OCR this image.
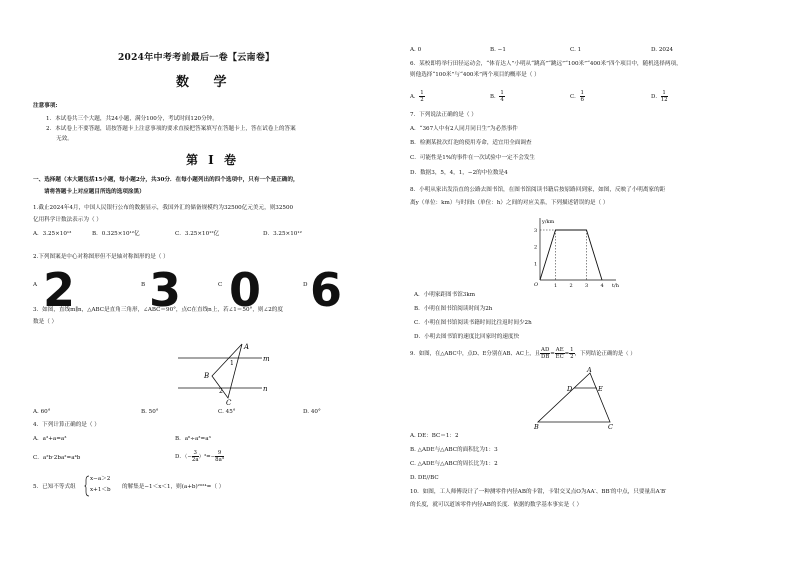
2024年中考考前最后一卷【云南卷】
数 学
注意事项:
1．本试卷共三个大题，共24小题，满分100分，考试时间120分钟。
2．本试卷上不要答题，请按答题卡上注意事项的要求直接把答案填写在答题卡上，答在试卷上的答案
无效。
第 I 卷
一、选择题（本大题包括15小题，每小题2分，共30分．在每小题列出的四个选项中，只有一个是正确的，
请将答题卡上对应题目所选的选项涂黑）
1.截止2024年4月，中国人民银行公布的数据显示，我国外汇的储备规模约为32500亿元美元，则32500
亿用科学计数法表示为（ ）
A．3.25×10¹³	B．0.325×10¹²亿	C．3.25×10¹²亿	D．3.25×10¹²
2.下列图案是中心对称图形但不是轴对称图形的是（ ）
A 2	B 3	C 0	D 6
3．如图，直线m∥n，△ABC是直角三角形，∠ABC＝90°，点C在直线n上，若∠1＝50°，则∠2的度
数是（ ）
A
B
C
m
n
1
2
A. 60°	B. 50°	C. 45°	D. 40°
4．下列计算正确的是（ ）
A．a³+a=a³	B．a⁶÷a³=a³
C．a²b·2ba²=a⁴b	D．（− $\frac{3}{2a} )^3=- \frac{9}{\text{8a³}}$
5．已知不等式组
x−a＞2
x+1＜b 的解集是−1＜x＜1，则(a+b)²⁰²⁴=（ ）
A. 0	B. −1	C. 1	D. 2024
6．某校即将举行田径运动会，“体育达人”小明从“跳高”“跳远”“100米”“400米”四个项目中，随机选择两项，
则他选择“100米”与“400米”两个项目的概率是（ ）
A． $\frac{1}{2}$	B． $\frac{1}{4}$	C． $\frac{1}{6}$	D． $\frac{1}{12}$
7．下列说法正确的是（ ）
A．“367人中有2人同月同日生”为必然事件
B．检测某批次灯泡的使用寿命，适宜用全面调查
C．可能性是1%的事件在一次试验中一定不会发生
D．数据3，5，4，1，−2的中位数是4
8．小明从家出发沿直的公路去图书馆，在图书馆阅读书籍后按原路回到家，如图，反映了小明离家的距
离y（单位：km）与时间t（单位：h）之间的对应关系，下列描述错误的是（ ）
y/km
t/h
O	1 2 3 4
1
2
3
A．小明家距图书馆3km
B．小明在图书馆阅读时间为2h
C．小明在图书馆阅读书籍时间比往返时间少2h
D．小明去图书馆的速度比回家时的速度快
9．如图，在△ABC中，点D、E分别在AB、AC上，且 $\frac{AD}{DB} = \frac{AE}{EC} = \frac{1}{2}$ ，下列结论正确的是（ ）
A
B	C
D	E
A. DE：BC＝1：2
B. △ADE与△ABC的面积比为1：3
C. △ADE与△ABC的周长比为1：2
D. DE//BC
10．如图，工人师傅设计了一种测零件内径AB的卡钳，卡钳交叉点O为AA′、BB′的中点，只要量出A′B′
的长度，就可以道该零件内径AB的长度．依据的数学基本事实是（ ）
